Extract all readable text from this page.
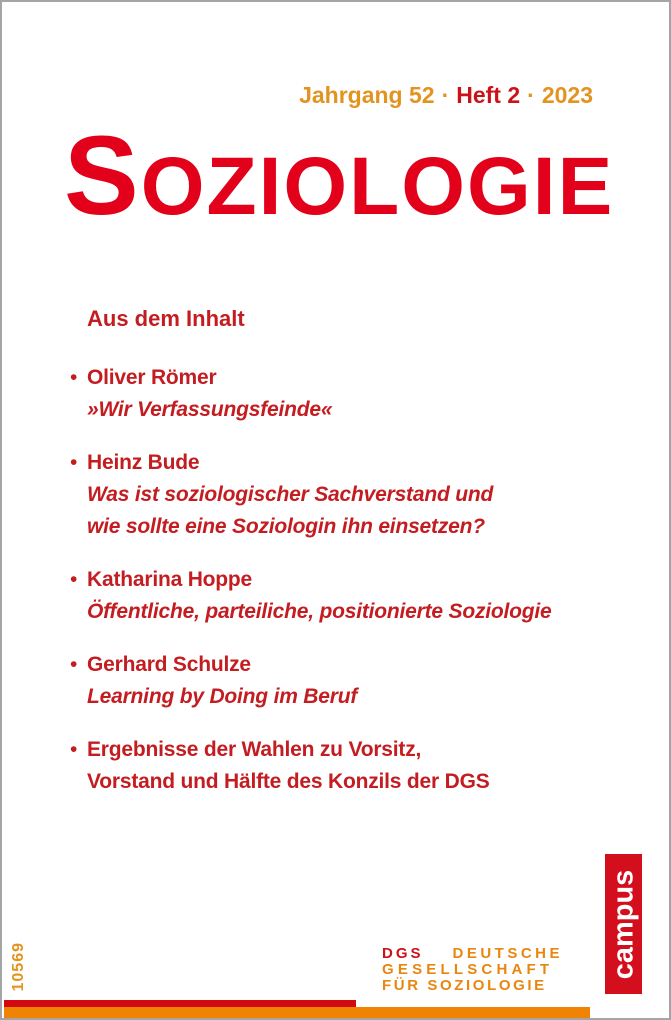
Jahrgang 52 · Heft 2 · 2023
SOZIOLOGIE
Aus dem Inhalt
• Oliver Römer
»Wir Verfassungsfeinde«
• Heinz Bude
Was ist soziologischer Sachverstand und
wie sollte eine Soziologin ihn einsetzen?
• Katharina Hoppe
Öffentliche, parteiliche, positionierte Soziologie
• Gerhard Schulze
Learning by Doing im Beruf
• Ergebnisse der Wahlen zu Vorsitz,
Vorstand und Hälfte des Konzils der DGS
campus
DGS DEUTSCHE
GESELLSCHAFT
FÜR SOZIOLOGIE
10569
